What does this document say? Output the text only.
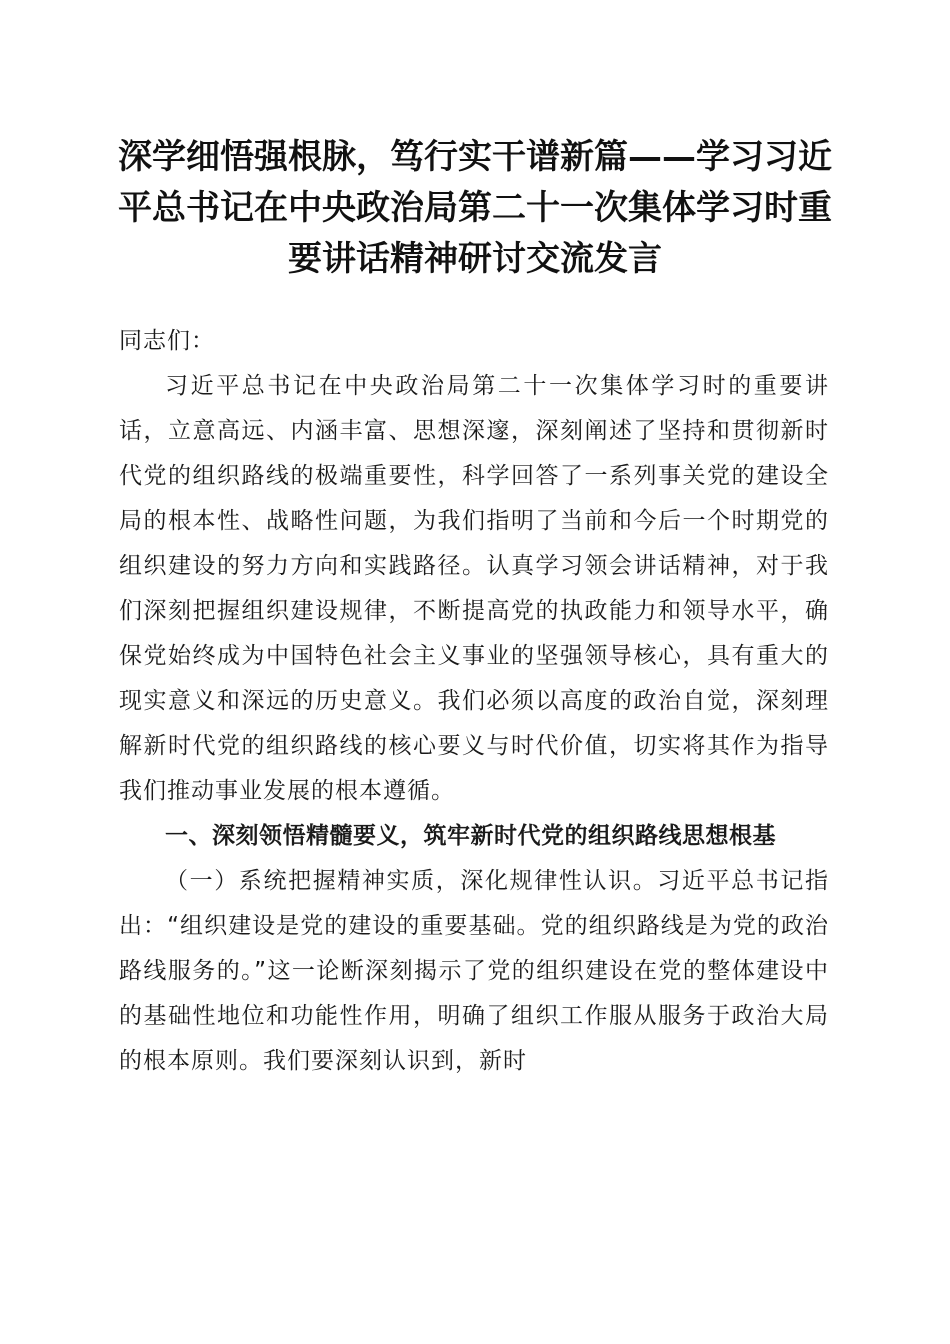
深学细悟强根脉，笃行实干谱新篇——学习习近平总书记在中央政治局第二十一次集体学习时重要讲话精神研讨交流发言

同志们：

习近平总书记在中央政治局第二十一次集体学习时的重要讲话，立意高远、内涵丰富、思想深邃，深刻阐述了坚持和贯彻新时代党的组织路线的极端重要性，科学回答了一系列事关党的建设全局的根本性、战略性问题，为我们指明了当前和今后一个时期党的组织建设的努力方向和实践路径。认真学习领会讲话精神，对于我们深刻把握组织建设规律，不断提高党的执政能力和领导水平，确保党始终成为中国特色社会主义事业的坚强领导核心，具有重大的现实意义和深远的历史意义。我们必须以高度的政治自觉，深刻理解新时代党的组织路线的核心要义与时代价值，切实将其作为指导我们推动事业发展的根本遵循。

一、深刻领悟精髓要义，筑牢新时代党的组织路线思想根基

（一）系统把握精神实质，深化规律性认识。习近平总书记指出：“组织建设是党的建设的重要基础。党的组织路线是为党的政治路线服务的。”这一论断深刻揭示了党的组织建设在党的整体建设中的基础性地位和功能性作用，明确了组织工作服从服务于政治大局的根本原则。我们要深刻认识到，新时
